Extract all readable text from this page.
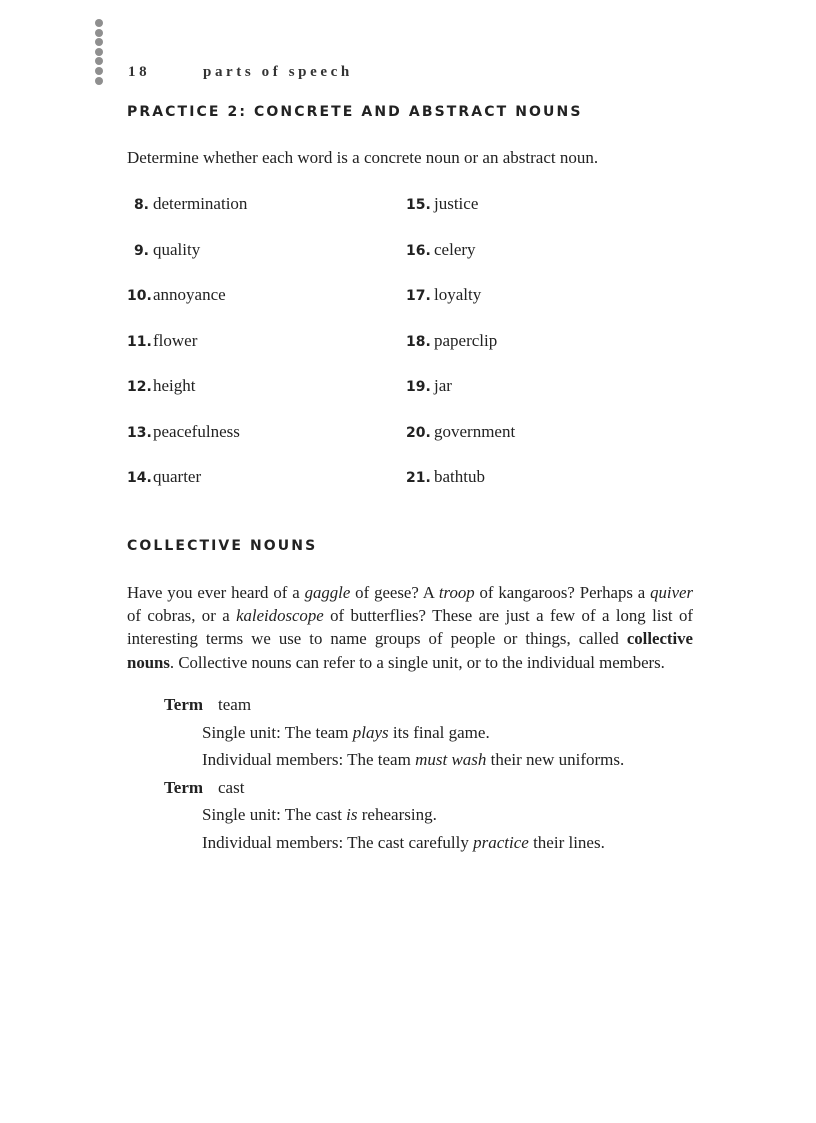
18	parts of speech
PRACTICE 2: CONCRETE AND ABSTRACT NOUNS
Determine whether each word is a concrete noun or an abstract noun.
8. determination
9. quality
10.annoyance
11.flower
12.height
13.peacefulness
14.quarter
15. justice
16. celery
17. loyalty
18. paperclip
19. jar
20. government
21. bathtub
COLLECTIVE NOUNS

Have you ever heard of a gaggle of geese? A troop of kangaroos? Perhaps a quiver of cobras, or a kaleidoscope of butterflies? These are just a few of a long list of interesting terms we use to name groups of people or things, called collective nouns. Collective nouns can refer to a single unit, or to the individual members.

Term team
Single unit: The team plays its final game.
Individual members: The team must wash their new uniforms.
Term cast
Single unit: The cast is rehearsing.
Individual members: The cast carefully practice their lines.
